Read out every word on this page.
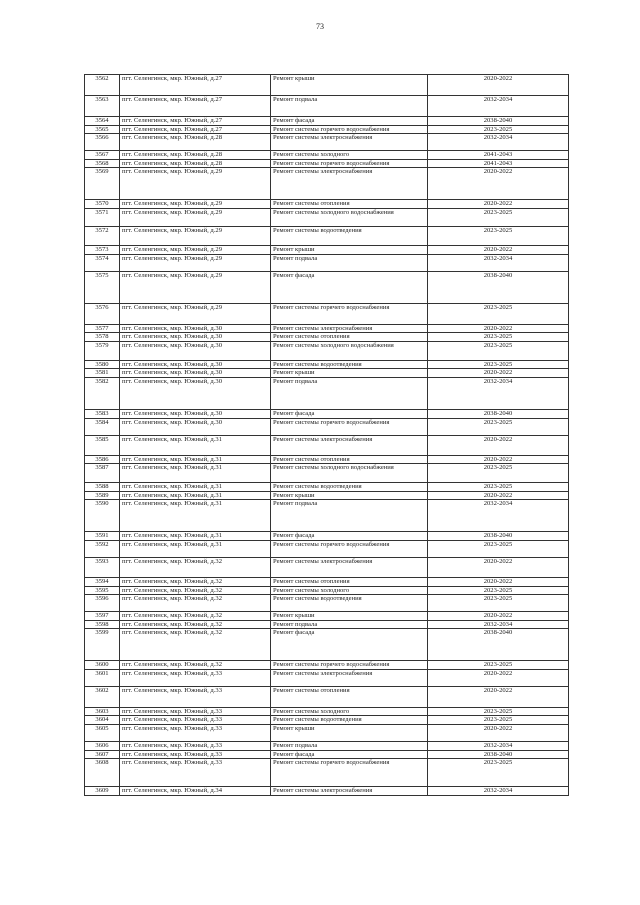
73
3562	пгт. Селенгинск, мкр. Южный, д.27	Ремонт крыши	2020-2022
3563	пгт. Селенгинск, мкр. Южный, д.27	Ремонт подвала	2032-2034
3564	пгт. Селенгинск, мкр. Южный, д.27	Ремонт фасада	2038-2040
3565	пгт. Селенгинск, мкр. Южный, д.27	Ремонт системы горячего водоснабжения	2023-2025
3566	пгт. Селенгинск, мкр. Южный, д.28	Ремонт системы электроснабжения	2032-2034
3567	пгт. Селенгинск, мкр. Южный, д.28	Ремонт системы холодного	2041-2043
3568	пгт. Селенгинск, мкр. Южный, д.28	Ремонт системы горячего водоснабжения	2041-2043
3569	пгт. Селенгинск, мкр. Южный, д.29	Ремонт системы электроснабжения	2020-2022
3570	пгт. Селенгинск, мкр. Южный, д.29	Ремонт системы отопления	2020-2022
3571	пгт. Селенгинск, мкр. Южный, д.29	Ремонт системы холодного водоснабжения	2023-2025
3572	пгт. Селенгинск, мкр. Южный, д.29	Ремонт системы водоотведения	2023-2025
3573	пгт. Селенгинск, мкр. Южный, д.29	Ремонт крыши	2020-2022
3574	пгт. Селенгинск, мкр. Южный, д.29	Ремонт подвала	2032-2034
3575	пгт. Селенгинск, мкр. Южный, д.29	Ремонт фасада	2038-2040
3576	пгт. Селенгинск, мкр. Южный, д.29	Ремонт системы горячего водоснабжения	2023-2025
3577	пгт. Селенгинск, мкр. Южный, д.30	Ремонт системы электроснабжения	2020-2022
3578	пгт. Селенгинск, мкр. Южный, д.30	Ремонт системы отопления	2023-2025
3579	пгт. Селенгинск, мкр. Южный, д.30	Ремонт системы холодного водоснабжения	2023-2025
3580	пгт. Селенгинск, мкр. Южный, д.30	Ремонт системы водоотведения	2023-2025
3581	пгт. Селенгинск, мкр. Южный, д.30	Ремонт крыши	2020-2022
3582	пгт. Селенгинск, мкр. Южный, д.30	Ремонт подвала	2032-2034
3583	пгт. Селенгинск, мкр. Южный, д.30	Ремонт фасада	2038-2040
3584	пгт. Селенгинск, мкр. Южный, д.30	Ремонт системы горячего водоснабжения	2023-2025
3585	пгт. Селенгинск, мкр. Южный, д.31	Ремонт системы электроснабжения	2020-2022
3586	пгт. Селенгинск, мкр. Южный, д.31	Ремонт системы отопления	2020-2022
3587	пгт. Селенгинск, мкр. Южный, д.31	Ремонт системы холодного водоснабжения	2023-2025
3588	пгт. Селенгинск, мкр. Южный, д.31	Ремонт системы водоотведения	2023-2025
3589	пгт. Селенгинск, мкр. Южный, д.31	Ремонт крыши	2020-2022
3590	пгт. Селенгинск, мкр. Южный, д.31	Ремонт подвала	2032-2034
3591	пгт. Селенгинск, мкр. Южный, д.31	Ремонт фасада	2038-2040
3592	пгт. Селенгинск, мкр. Южный, д.31	Ремонт системы горячего водоснабжения	2023-2025
3593	пгт. Селенгинск, мкр. Южный, д.32	Ремонт системы электроснабжения	2020-2022
3594	пгт. Селенгинск, мкр. Южный, д.32	Ремонт системы отопления	2020-2022
3595	пгт. Селенгинск, мкр. Южный, д.32	Ремонт системы холодного	2023-2025
3596	пгт. Селенгинск, мкр. Южный, д.32	Ремонт системы водоотведения	2023-2025
3597	пгт. Селенгинск, мкр. Южный, д.32	Ремонт крыши	2020-2022
3598	пгт. Селенгинск, мкр. Южный, д.32	Ремонт подвала	2032-2034
3599	пгт. Селенгинск, мкр. Южный, д.32	Ремонт фасада	2038-2040
3600	пгт. Селенгинск, мкр. Южный, д.32	Ремонт системы горячего водоснабжения	2023-2025
3601	пгт. Селенгинск, мкр. Южный, д.33	Ремонт системы электроснабжения	2020-2022
3602	пгт. Селенгинск, мкр. Южный, д.33	Ремонт системы отопления	2020-2022
3603	пгт. Селенгинск, мкр. Южный, д.33	Ремонт системы холодного	2023-2025
3604	пгт. Селенгинск, мкр. Южный, д.33	Ремонт системы водоотведения	2023-2025
3605	пгт. Селенгинск, мкр. Южный, д.33	Ремонт крыши	2020-2022
3606	пгт. Селенгинск, мкр. Южный, д.33	Ремонт подвала	2032-2034
3607	пгт. Селенгинск, мкр. Южный, д.33	Ремонт фасада	2038-2040
3608	пгт. Селенгинск, мкр. Южный, д.33	Ремонт системы горячего водоснабжения	2023-2025
3609	пгт. Селенгинск, мкр. Южный, д.34	Ремонт системы электроснабжения	2032-2034
